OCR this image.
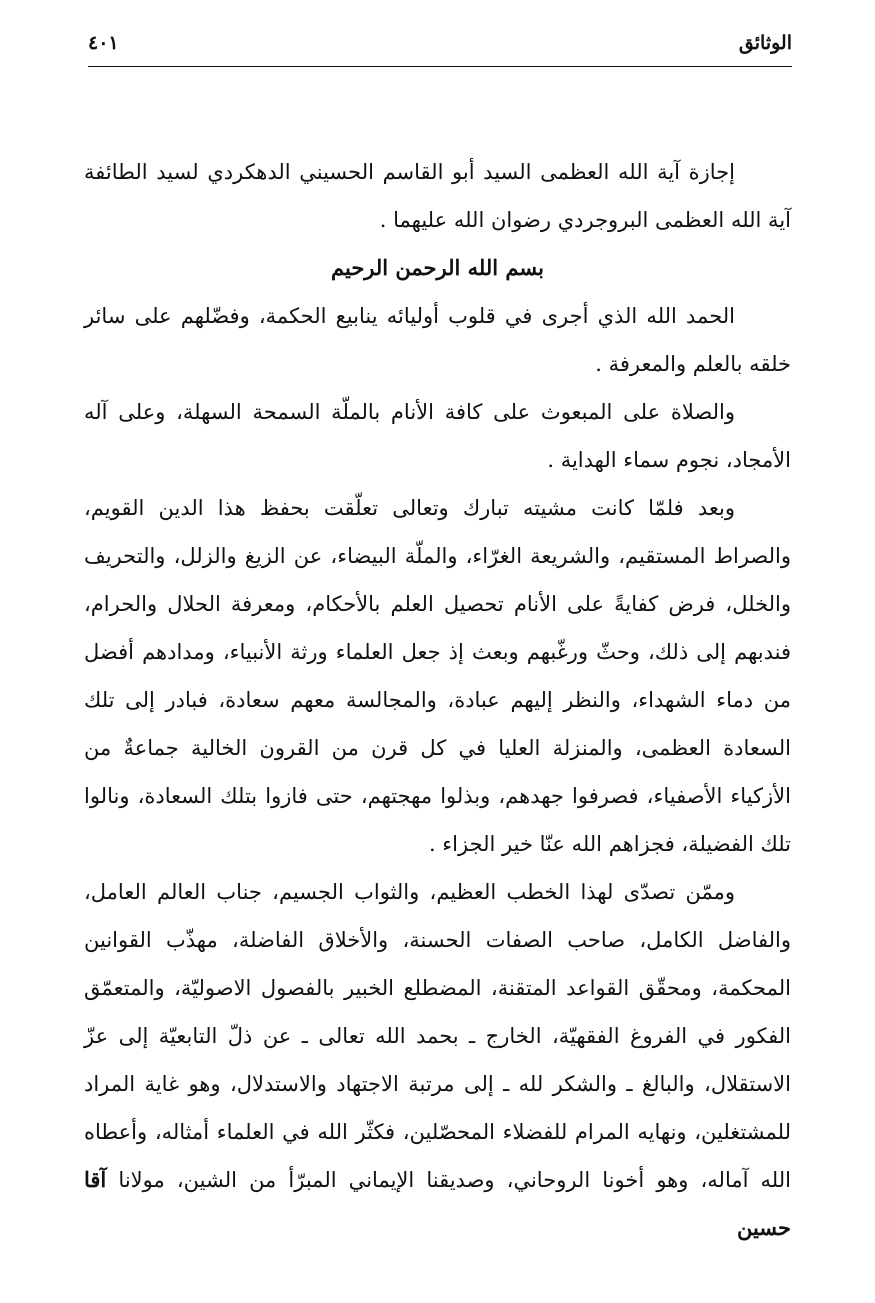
الوثائق
٤٠١

إجازة آية الله العظمى السيد أبو القاسم الحسيني الدهكردي لسيد الطائفة آية الله العظمى البروجردي رضوان الله عليهما .

بسم الله الرحمن الرحيم

الحمد الله الذي أجرى في قلوب أوليائه ينابيع الحكمة، وفضّلهم على سائر خلقه بالعلم والمعرفة .

والصلاة على المبعوث على كافة الأنام بالملّة السمحة السهلة، وعلى آله الأمجاد، نجوم سماء الهداية .

وبعد فلمّا كانت مشيته تبارك وتعالى تعلّقت بحفظ هذا الدين القويم، والصراط المستقيم، والشريعة الغرّاء، والملّة البيضاء، عن الزيغ والزلل، والتحريف والخلل، فرض كفايةً على الأنام تحصيل العلم بالأحكام، ومعرفة الحلال والحرام، فندبهم إلى ذلك، وحثّ ورغّبهم وبعث إذ جعل العلماء ورثة الأنبياء، ومدادهم أفضل من دماء الشهداء، والنظر إليهم عبادة، والمجالسة معهم سعادة، فبادر إلى تلك السعادة العظمى، والمنزلة العليا في كل قرن من القرون الخالية جماعةٌ من الأزكياء الأصفياء، فصرفوا جهدهم، وبذلوا مهجتهم، حتى فازوا بتلك السعادة، ونالوا تلك الفضيلة، فجزاهم الله عنّا خير الجزاء .

وممّن تصدّى لهذا الخطب العظيم، والثواب الجسيم، جناب العالم العامل، والفاضل الكامل، صاحب الصفات الحسنة، والأخلاق الفاضلة، مهذّب القوانين المحكمة، ومحقّق القواعد المتقنة، المضطلع الخبير بالفصول الاصوليّة، والمتعمّق الفكور في الفروغ الفقهيّة، الخارج ـ بحمد الله تعالى ـ عن ذلّ التابعيّة إلى عزّ الاستقلال، والبالغ ـ والشكر لله ـ إلى مرتبة الاجتهاد والاستدلال، وهو غاية المراد للمشتغلين، ونهايه المرام للفضلاء المحصّلين، فكثّر الله في العلماء أمثاله، وأعطاه الله آماله، وهو أخونا الروحاني، وصديقنا الإيماني المبرّأ من الشين، مولانا آقا حسين
